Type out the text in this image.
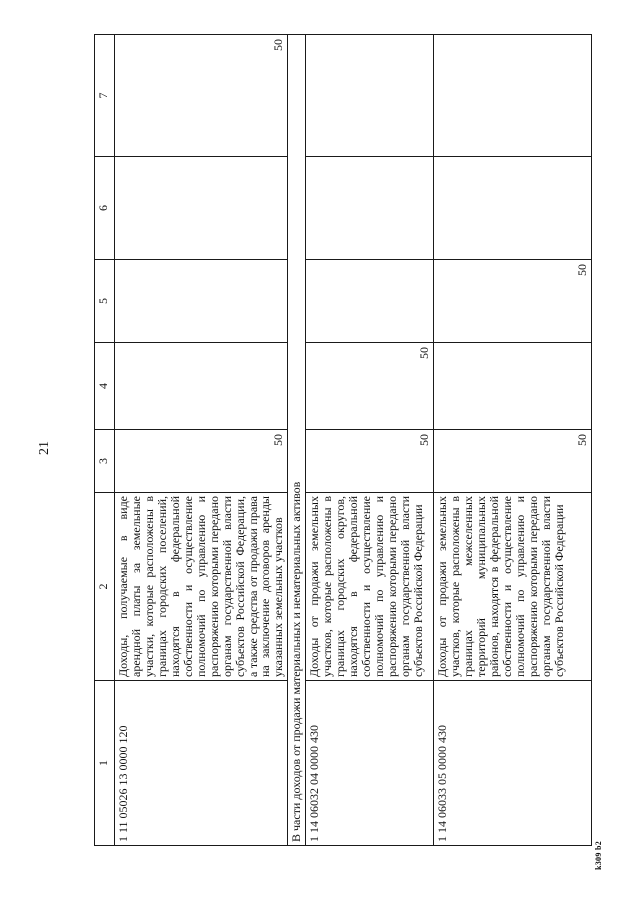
21
k309 b2
1	2	3	4	5	6	7
1 11 05026 13 0000 120	Доходы, получаемые в виде арендной платы за земельные участки, которые расположены в границах городских поселений, находятся в федеральной собственности и осуществление полномочий по управлению и распоряжению которыми передано органам государственной власти субъектов Российской Федерации, а также средства от продажи права на заключение договоров аренды указанных земельных участков	50				50
В части доходов от продажи материальных и нематериальных активов						
1 14 06032 04 0000 430	Доходы от продажи земельных участков, которые расположены в границах городских округов, находятся в федеральной собственности и осуществление полномочий по управлению и распоряжению которыми передано органам государственной власти субъектов Российской Федерации	50	50			
1 14 06033 05 0000 430	Доходы от продажи земельных участков, которые расположены в границах межселенных территорий муниципальных районов, находятся в федеральной собственности и осуществление полномочий по управлению и распоряжению которыми передано органам государственной власти субъектов Российской Федерации	50		50		
